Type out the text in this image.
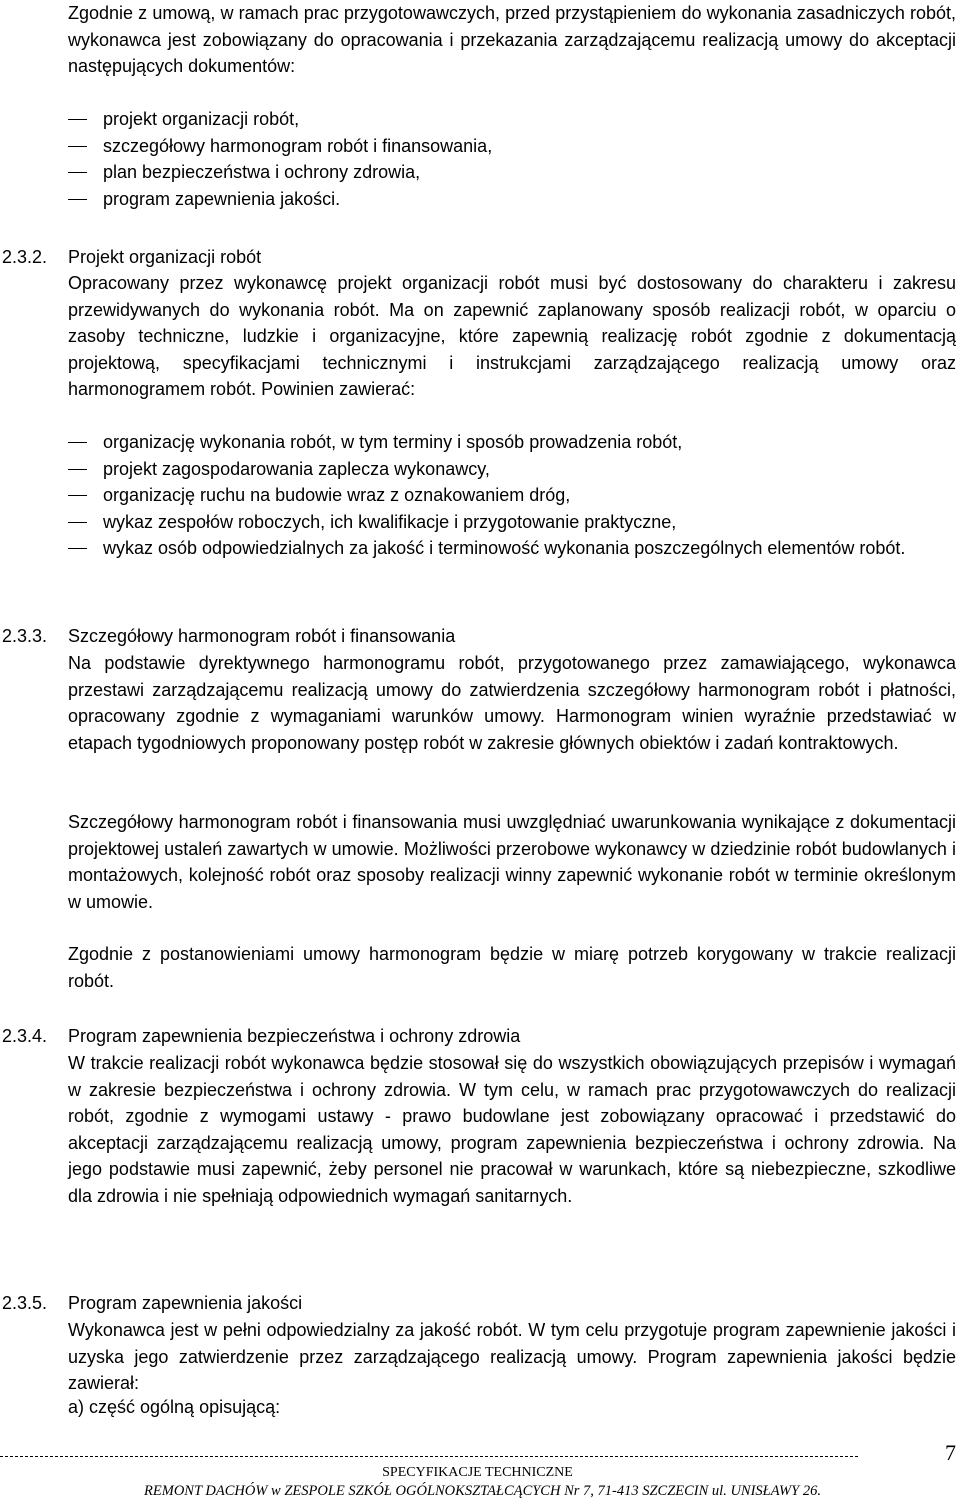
Zgodnie z umową, w ramach prac przygotowawczych, przed przystąpieniem do wykonania zasadniczych robót, wykonawca jest zobowiązany do opracowania i przekazania zarządzającemu realizacją umowy do akceptacji następujących dokumentów:

projekt organizacji robót,
szczegółowy harmonogram robót i finansowania,
plan bezpieczeństwa i ochrony zdrowia,
program zapewnienia jakości.
2.3.2. Projekt organizacji robót

Opracowany przez wykonawcę projekt organizacji robót musi być dostosowany do charakteru i zakresu przewidywanych do wykonania robót. Ma on zapewnić zaplanowany sposób realizacji robót, w oparciu o zasoby techniczne, ludzkie i organizacyjne, które zapewnią realizację robót zgodnie z dokumentacją projektową, specyfikacjami technicznymi i instrukcjami zarządzającego realizacją umowy oraz harmonogramem robót. Powinien zawierać:

organizację wykonania robót, w tym terminy i sposób prowadzenia robót,
projekt zagospodarowania zaplecza wykonawcy,
organizację ruchu na budowie wraz z oznakowaniem dróg,
wykaz zespołów roboczych, ich kwalifikacje i przygotowanie praktyczne,
wykaz osób odpowiedzialnych za jakość i terminowość wykonania poszczególnych elementów robót.
2.3.3. Szczegółowy harmonogram robót i finansowania

Na podstawie dyrektywnego harmonogramu robót, przygotowanego przez zamawiającego, wykonawca przestawi zarządzającemu realizacją umowy do zatwierdzenia szczegółowy harmonogram robót i płatności, opracowany zgodnie z wymaganiami warunków umowy. Harmonogram winien wyraźnie przedstawiać w etapach tygodniowych proponowany postęp robót w zakresie głównych obiektów i zadań kontraktowych.

Szczegółowy harmonogram robót i finansowania musi uwzględniać uwarunkowania wynikające z dokumentacji projektowej ustaleń zawartych w umowie. Możliwości przerobowe wykonawcy w dziedzinie robót budowlanych i montażowych, kolejność robót oraz sposoby realizacji winny zapewnić wykonanie robót w terminie określonym w umowie.

Zgodnie z postanowieniami umowy harmonogram będzie w miarę potrzeb korygowany w trakcie realizacji robót.

2.3.4. Program zapewnienia bezpieczeństwa i ochrony zdrowia

W trakcie realizacji robót wykonawca będzie stosował się do wszystkich obowiązujących przepisów i wymagań w zakresie bezpieczeństwa i ochrony zdrowia. W tym celu, w ramach prac przygotowawczych do realizacji robót, zgodnie z wymogami ustawy - prawo budowlane jest zobowiązany opracować i przedstawić do akceptacji zarządzającemu realizacją umowy, program zapewnienia bezpieczeństwa i ochrony zdrowia. Na jego podstawie musi zapewnić, żeby personel nie pracował w warunkach, które są niebezpieczne, szkodliwe dla zdrowia i nie spełniają odpowiednich wymagań sanitarnych.

2.3.5. Program zapewnienia jakości

Wykonawca jest w pełni odpowiedzialny za jakość robót. W tym celu przygotuje program zapewnienie jakości i uzyska jego zatwierdzenie przez zarządzającego realizacją umowy. Program zapewnienia jakości będzie zawierał:

a) część ogólną opisującą:

7
SPECYFIKACJE TECHNICZNE
REMONT DACHÓW w ZESPOLE SZKÓŁ OGÓLNOKSZTAŁCĄCYCH Nr 7, 71-413 SZCZECIN ul. UNISŁAWY 26.
